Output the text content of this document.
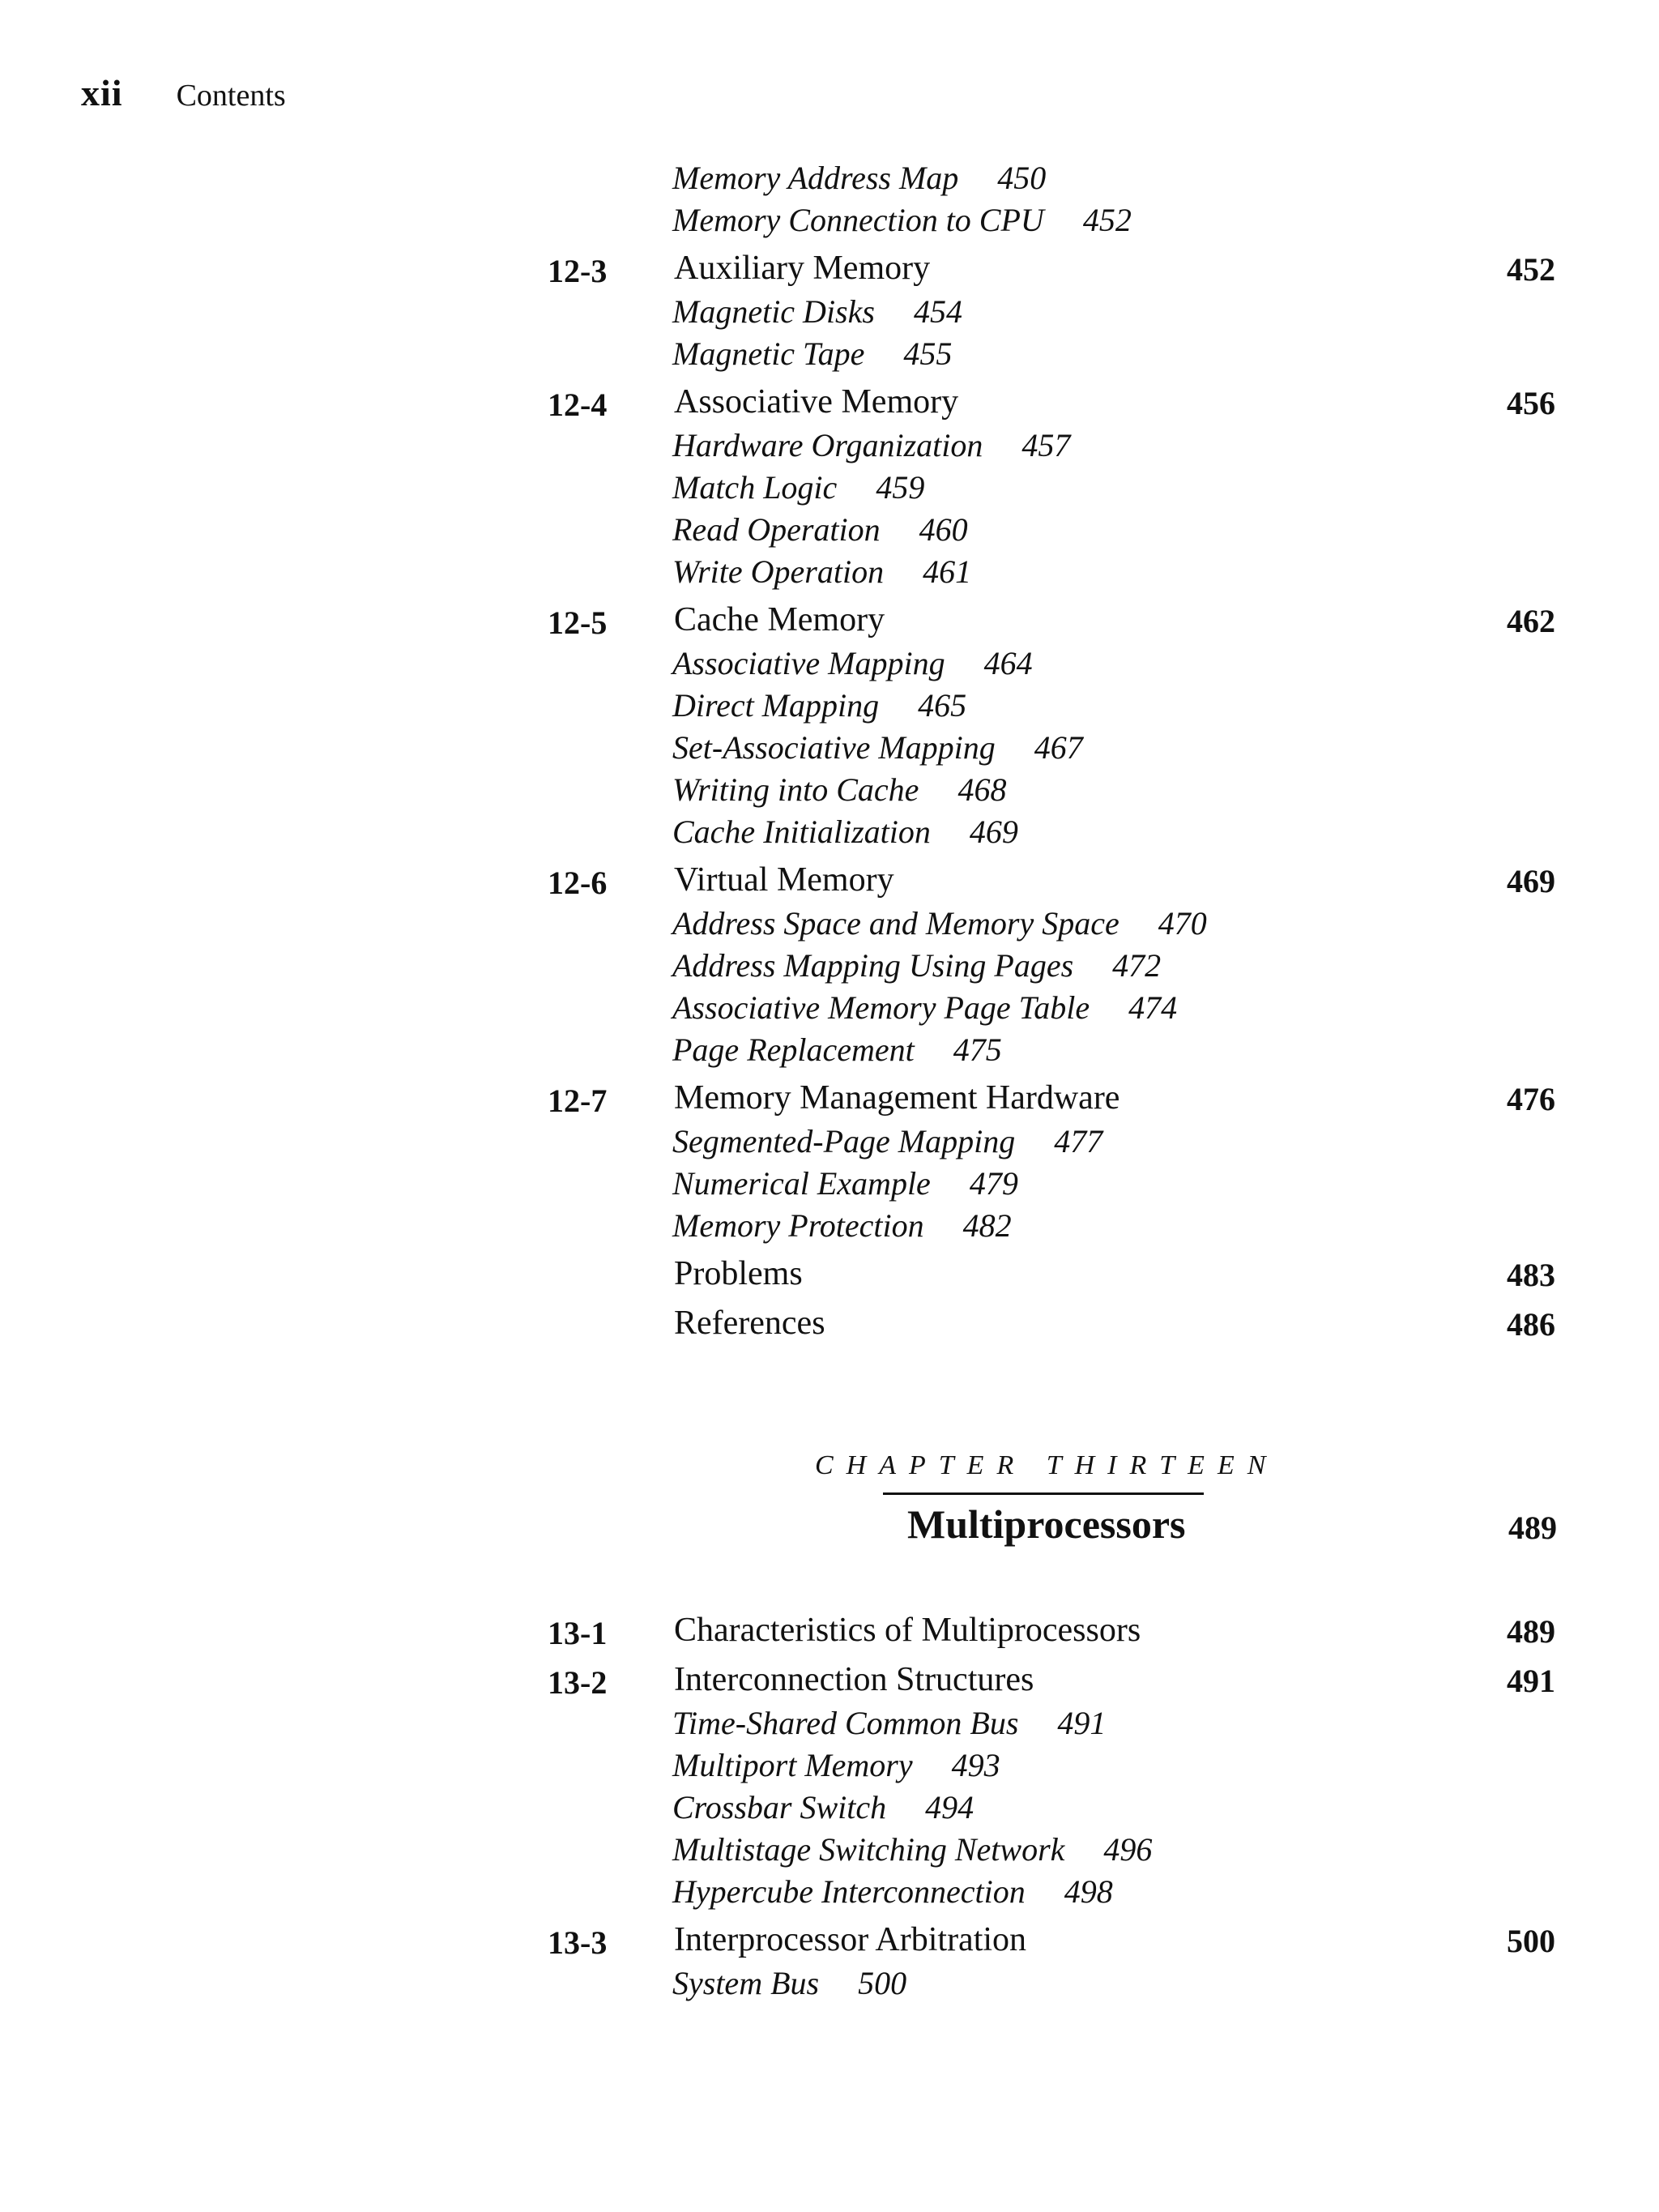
xii Contents
Memory Address Map 450
Memory Connection to CPU 452
12-3 Auxiliary Memory	452
Magnetic Disks 454
Magnetic Tape 455
12-4 Associative Memory	456
Hardware Organization 457
Match Logic 459
Read Operation 460
Write Operation 461
12-5 Cache Memory	462
Associative Mapping 464
Direct Mapping 465
Set-Associative Mapping 467
Writing into Cache 468
Cache Initialization 469
12-6 Virtual Memory	469
Address Space and Memory Space 470
Address Mapping Using Pages 472
Associative Memory Page Table 474
Page Replacement 475
12-7 Memory Management Hardware	476
Segmented-Page Mapping 477
Numerical Example 479
Memory Protection 482
Problems	483
References	486
CHAPTER THIRTEEN
Multiprocessors	489
13-1 Characteristics of Multiprocessors	489
13-2 Interconnection Structures	491
Time-Shared Common Bus 491
Multiport Memory 493
Crossbar Switch 494
Multistage Switching Network 496
Hypercube Interconnection 498
13-3 Interprocessor Arbitration	500
System Bus 500
